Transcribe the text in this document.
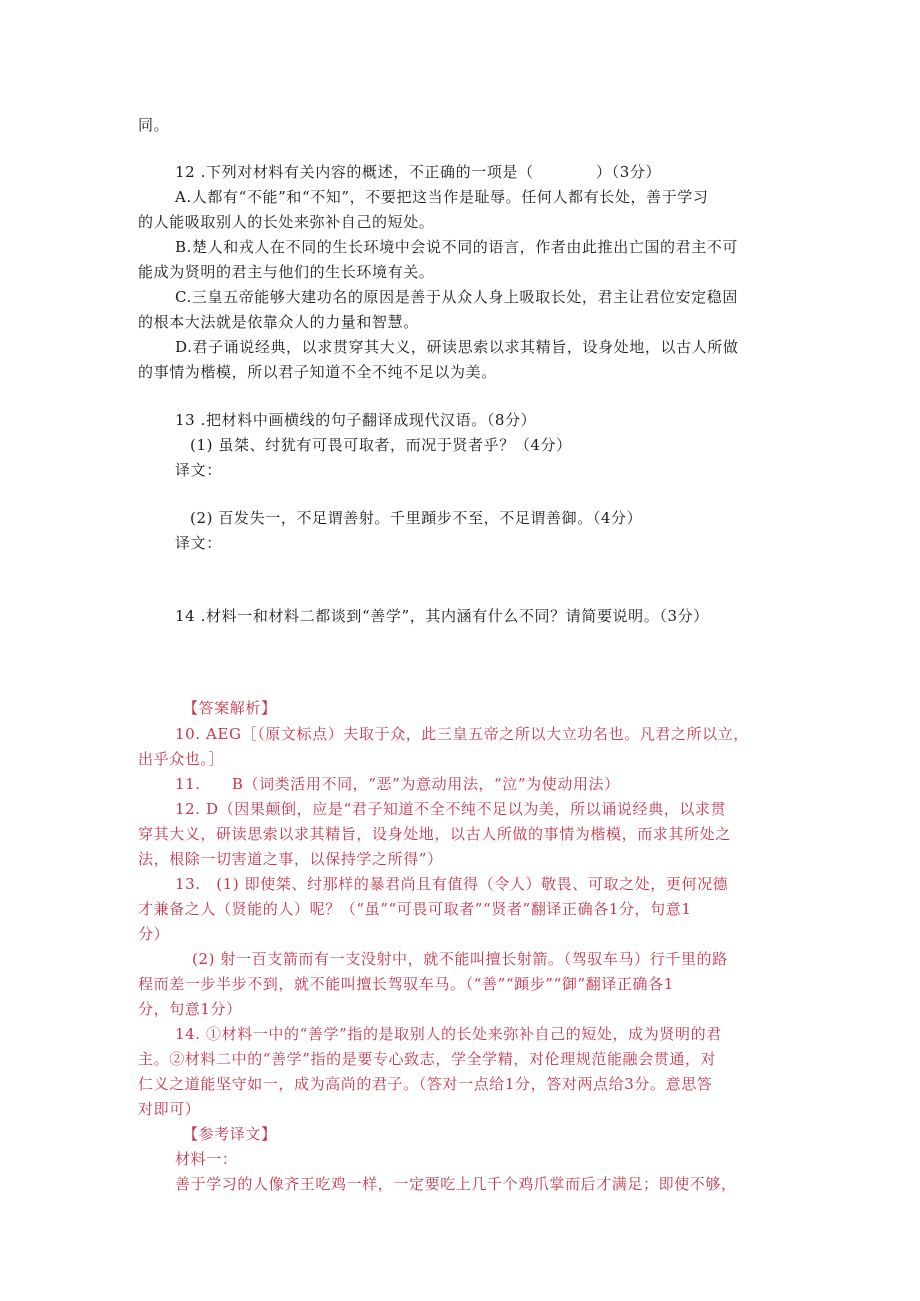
同。
12 .下列对材料有关内容的概述，不正确的一项是（　　　　）（3分）
A.人都有“不能”和“不知”，不要把这当作是耻辱。任何人都有长处，善于学习
的人能吸取别人的长处来弥补自己的短处。
B.楚人和戎人在不同的生长环境中会说不同的语言，作者由此推出亡国的君主不可
能成为贤明的君主与他们的生长环境有关。
C.三皇五帝能够大建功名的原因是善于从众人身上吸取长处，君主让君位安定稳固
的根本大法就是依靠众人的力量和智慧。
D.君子诵说经典，以求贯穿其大义，研读思索以求其精旨，设身处地，以古人所做
的事情为楷模，所以君子知道不全不纯不足以为美。
13 .把材料中画横线的句子翻译成现代汉语。（8分）
(1) 虽桀、纣犹有可畏可取者，而况于贤者乎？（4分）
译文：
(2) 百发失一，不足谓善射。千里蹞步不至，不足谓善御。（4分）
译文：
14 .材料一和材料二都谈到“善学”，其内涵有什么不同？请简要说明。（3分）
【答案解析】
10. AEG［（原文标点）夫取于众，此三皇五帝之所以大立功名也。凡君之所以立，
出乎众也。］
11.　　B（词类活用不同，“恶”为意动用法，“泣”为使动用法）
12. D（因果颠倒，应是“君子知道不全不纯不足以为美，所以诵说经典，以求贯
穿其大义，研读思索以求其精旨，设身处地，以古人所做的事情为楷模，而求其所处之
法，根除一切害道之事，以保持学之所得”）
13.　(1) 即使桀、纣那样的暴君尚且有值得（令人）敬畏、可取之处，更何况德
才兼备之人（贤能的人）呢？（“虽”“可畏可取者”“贤者”翻译正确各1分，句意1
分）
(2) 射一百支箭而有一支没射中，就不能叫擅长射箭。（驾驭车马）行千里的路
程而差一步半步不到，就不能叫擅长驾驭车马。（“善”“蹞步”“御”翻译正确各1
分，句意1分）
14. ①材料一中的“善学”指的是取别人的长处来弥补自己的短处，成为贤明的君
主。②材料二中的“善学”指的是要专心致志，学全学精，对伦理规范能融会贯通，对
仁义之道能坚守如一，成为高尚的君子。（答对一点给1分，答对两点给3分。意思答
对即可）
【参考译文】
材料一：
善于学习的人像齐王吃鸡一样，一定要吃上几千个鸡爪掌而后才满足；即使不够，
